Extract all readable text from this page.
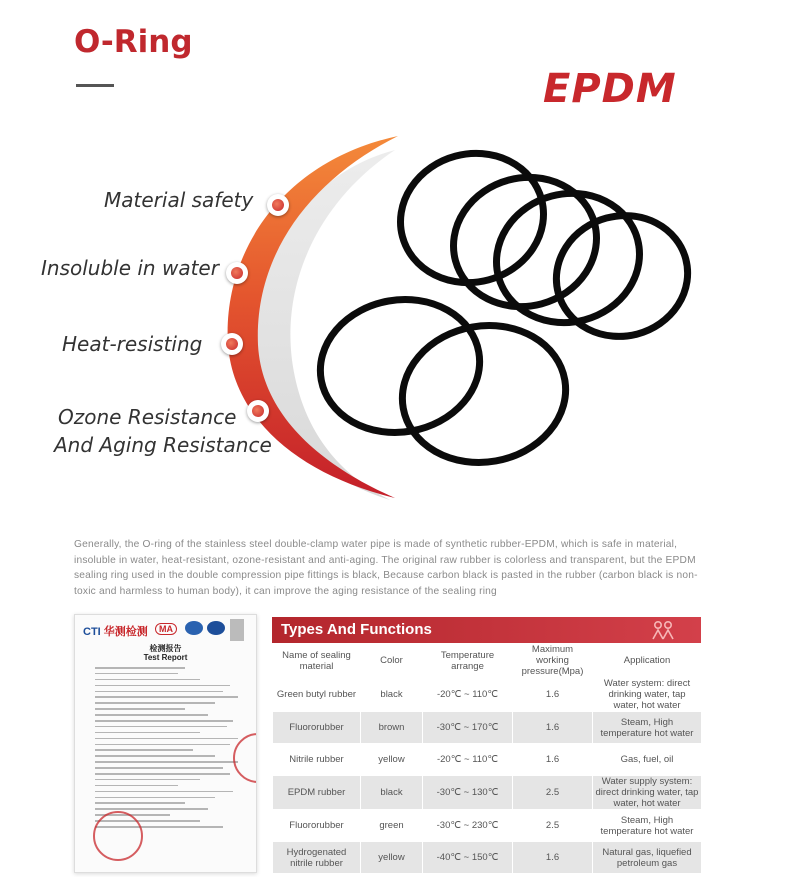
O-Ring
EPDM
Material safety
Insoluble in water
Heat-resisting
Ozone Resistance
And Aging Resistance

Generally, the O-ring of the stainless steel double-clamp water pipe is made of synthetic rubber-EPDM, which is safe in material, insoluble in water, heat-resistant, ozone-resistant and anti-aging. The original raw rubber is colorless and transparent, but the EPDM sealing ring used in the double compression pipe fittings is black, Because carbon black is pasted in the rubber (carbon black is non-toxic and harmless to human body), it can improve the aging resistance of the sealing ring

CTI 华测检测	MA
检测报告
Test Report
Types And Functions
Name of sealing material	Color	Temperature arrange	Maximum working pressure(Mpa)	Application
Green butyl rubber	black	-20℃ ~ 110℃	1.6	Water system: direct drinking water, tap water, hot water
Fluororubber	brown	-30℃ ~ 170℃	1.6	Steam, High temperature hot water
Nitrile rubber	yellow	-20℃ ~ 110℃	1.6	Gas, fuel, oil
EPDM rubber	black	-30℃ ~ 130℃	2.5	Water supply system: direct drinking water, tap water, hot water
Fluororubber	green	-30℃ ~ 230℃	2.5	Steam, High temperature hot water
Hydrogenated nitrile rubber	yellow	-40℃ ~ 150℃	1.6	Natural gas, liquefied petroleum gas
